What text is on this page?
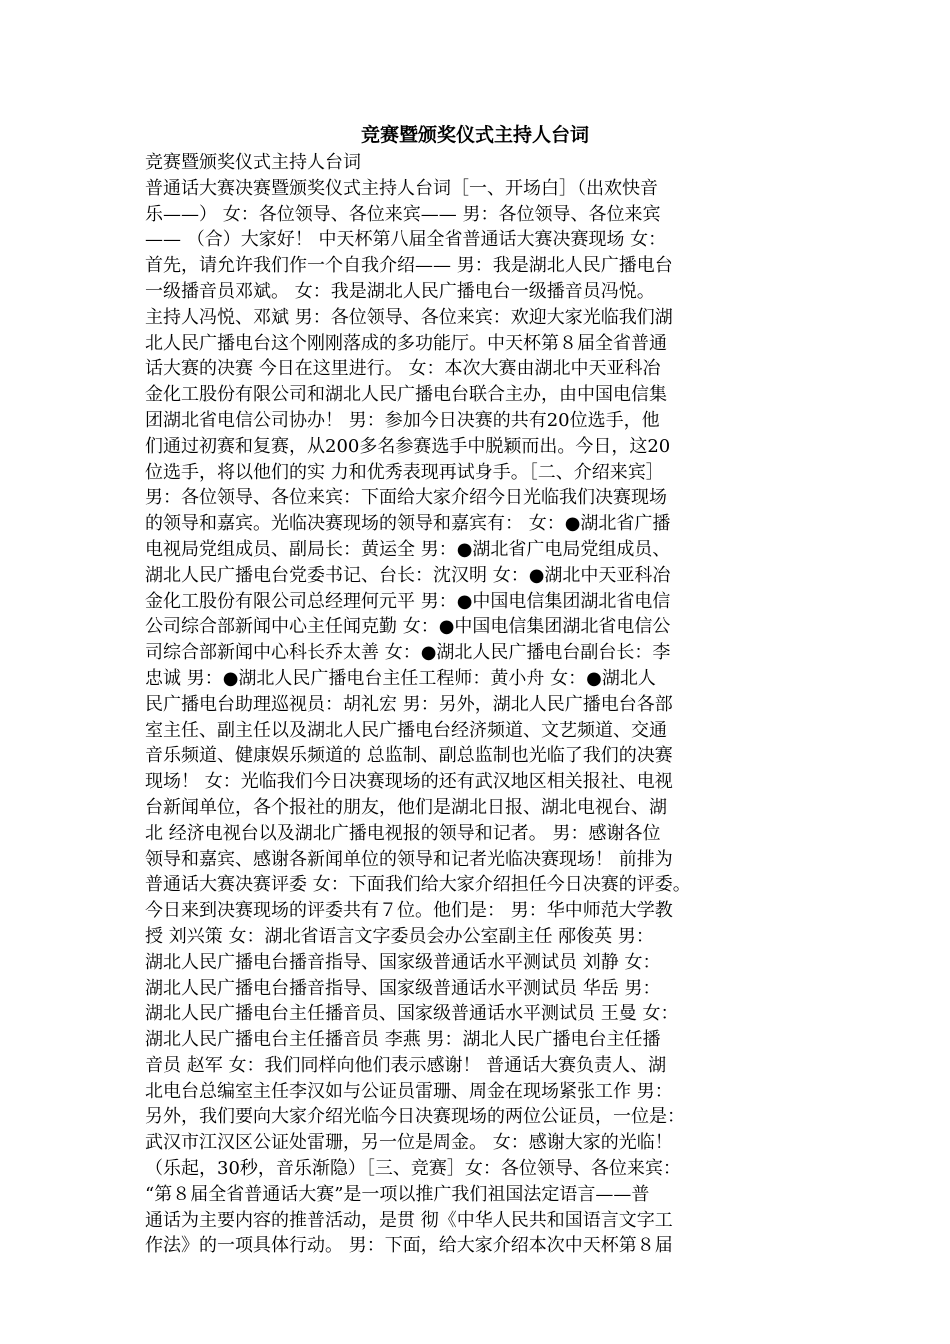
竞赛暨颁奖仪式主持人台词
竞赛暨颁奖仪式主持人台词
普通话大赛决赛暨颁奖仪式主持人台词［一、开场白］（出欢快音
乐——） 女：各位领导、各位来宾—— 男：各位领导、各位来宾
—— （合）大家好！ 中天杯第八届全省普通话大赛决赛现场 女：
首先，请允许我们作一个自我介绍—— 男：我是湖北人民广播电台
一级播音员邓斌。 女：我是湖北人民广播电台一级播音员冯悦。
主持人冯悦、邓斌 男：各位领导、各位来宾：欢迎大家光临我们湖
北人民广播电台这个刚刚落成的多功能厅。中天杯第８届全省普通
话大赛的决赛 今日在这里进行。 女：本次大赛由湖北中天亚科冶
金化工股份有限公司和湖北人民广播电台联合主办，由中国电信集
团湖北省电信公司协办！ 男：参加今日决赛的共有20位选手，他
们通过初赛和复赛，从200多名参赛选手中脱颖而出。今日，这20
位选手，将以他们的实 力和优秀表现再试身手。［二、介绍来宾］
男：各位领导、各位来宾：下面给大家介绍今日光临我们决赛现场
的领导和嘉宾。光临决赛现场的领导和嘉宾有： 女：●湖北省广播
电视局党组成员、副局长：黄运全 男：●湖北省广电局党组成员、
湖北人民广播电台党委书记、台长：沈汉明 女：●湖北中天亚科冶
金化工股份有限公司总经理何元平 男：●中国电信集团湖北省电信
公司综合部新闻中心主任闻克勤 女：●中国电信集团湖北省电信公
司综合部新闻中心科长乔太善 女：●湖北人民广播电台副台长：李
忠诚 男：●湖北人民广播电台主任工程师：黄小舟 女：●湖北人
民广播电台助理巡视员：胡礼宏 男：另外，湖北人民广播电台各部
室主任、副主任以及湖北人民广播电台经济频道、文艺频道、交通
音乐频道、健康娱乐频道的 总监制、副总监制也光临了我们的决赛
现场！ 女：光临我们今日决赛现场的还有武汉地区相关报社、电视
台新闻单位，各个报社的朋友，他们是湖北日报、湖北电视台、湖
北 经济电视台以及湖北广播电视报的领导和记者。 男：感谢各位
领导和嘉宾、感谢各新闻单位的领导和记者光临决赛现场！ 前排为
普通话大赛决赛评委 女：下面我们给大家介绍担任今日决赛的评委。
今日来到决赛现场的评委共有７位。他们是： 男：华中师范大学教
授 刘兴策 女：湖北省语言文字委员会办公室副主任 邴俊英 男：
湖北人民广播电台播音指导、国家级普通话水平测试员 刘静 女：
湖北人民广播电台播音指导、国家级普通话水平测试员 华岳 男：
湖北人民广播电台主任播音员、国家级普通话水平测试员 王曼 女：
湖北人民广播电台主任播音员 李燕 男：湖北人民广播电台主任播
音员 赵军 女：我们同样向他们表示感谢！ 普通话大赛负责人、湖
北电台总编室主任李汉如与公证员雷珊、周金在现场紧张工作 男：
另外，我们要向大家介绍光临今日决赛现场的两位公证员，一位是：
武汉市江汉区公证处雷珊，另一位是周金。 女：感谢大家的光临！
（乐起，30秒，音乐渐隐）［三、竞赛］女：各位领导、各位来宾：
“第８届全省普通话大赛”是一项以推广我们祖国法定语言——普
通话为主要内容的推普活动，是贯 彻《中华人民共和国语言文字工
作法》的一项具体行动。 男：下面，给大家介绍本次中天杯第８届
